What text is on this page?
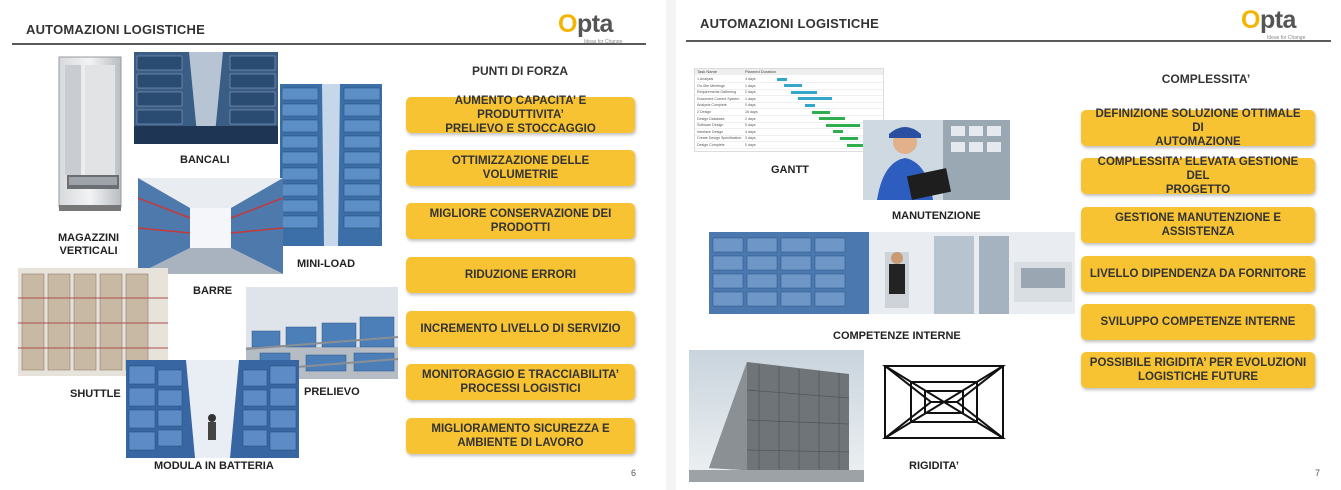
AUTOMAZIONI LOGISTICHE	Opta
Ideas for Change
BANCALI
MINI-LOAD
MAGAZZINI
VERTICALI
BARRE
SHUTTLE	PRELIEVO
MODULA IN BATTERIA
PUNTI DI FORZA
AUMENTO CAPACITA’ E PRODUTTIVITA’
PRELIEVO E STOCCAGGIO
OTTIMIZZAZIONE DELLE VOLUMETRIE
MIGLIORE CONSERVAZIONE DEI
PRODOTTI
RIDUZIONE ERRORI
INCREMENTO LIVELLO DI SERVIZIO
MONITORAGGIO E TRACCIABILITA’
PROCESSI LOGISTICI
MIGLIORAMENTO SICUREZZA E
AMBIENTE DI LAVORO
6
AUTOMAZIONI LOGISTICHE	Opta
Ideas for Change
Task Name	Planned Duration
1 Analysis	4 days
On-Site Meetings	1 days
Requirements Gathering 2 days
Document Current System 1 days
Analysis Complete	0 days
2 Design	16 days
Design Database	2 days
Software Design	5 days
Interface Design	4 days
Create Design Specification 3 days
Design Complete	0 days
GANTT
MANUTENZIONE
COMPETENZE INTERNE
RIGIDITA’
COMPLESSITA’
DEFINIZIONE SOLUZIONE OTTIMALE DI
AUTOMAZIONE
COMPLESSITA’ ELEVATA GESTIONE DEL
PROGETTO
GESTIONE MANUTENZIONE E
ASSISTENZA
LIVELLO DIPENDENZA DA FORNITORE
SVILUPPO COMPETENZE INTERNE
POSSIBILE RIGIDITA’ PER EVOLUZIONI
LOGISTICHE FUTURE
7
